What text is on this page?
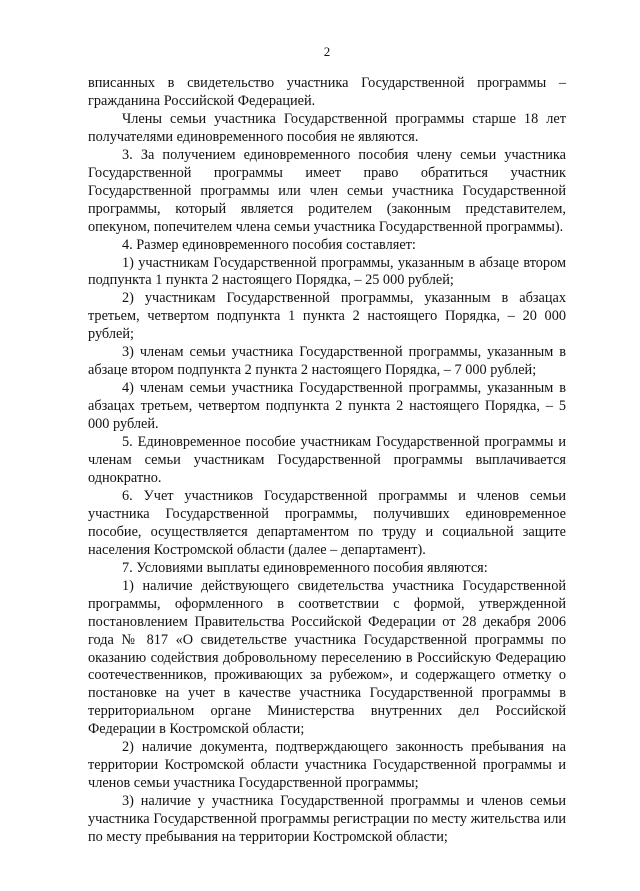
2

вписанных в свидетельство участника Государственной программы – гражданина Российской Федерацией.

Члены семьи участника Государственной программы старше 18 лет получателями единовременного пособия не являются.

3. За получением единовременного пособия члену семьи участника Государственной программы имеет право обратиться участник Государственной программы или член семьи участника Государственной программы, который является родителем (законным представителем, опекуном, попечителем члена семьи участника Государственной программы).

4. Размер единовременного пособия составляет:

1) участникам Государственной программы, указанным в абзаце втором подпункта 1 пункта 2 настоящего Порядка, – 25 000 рублей;

2) участникам Государственной программы, указанным в абзацах третьем, четвертом подпункта 1 пункта 2 настоящего Порядка, – 20 000 рублей;

3) членам семьи участника Государственной программы, указанным в абзаце втором подпункта 2 пункта 2 настоящего Порядка, – 7 000 рублей;

4) членам семьи участника Государственной программы, указанным в абзацах третьем, четвертом подпункта 2 пункта 2 настоящего Порядка, – 5 000 рублей.

5. Единовременное пособие участникам Государственной программы и членам семьи участникам Государственной программы выплачивается однократно.

6. Учет участников Государственной программы и членов семьи участника Государственной программы, получивших единовременное пособие, осуществляется департаментом по труду и социальной защите населения Костромской области (далее – департамент).

7. Условиями выплаты единовременного пособия являются:

1) наличие действующего свидетельства участника Государственной программы, оформленного в соответствии с формой, утвержденной постановлением Правительства Российской Федерации от 28 декабря 2006 года № 817 «О свидетельстве участника Государственной программы по оказанию содействия добровольному переселению в Российскую Федерацию соотечественников, проживающих за рубежом», и содержащего отметку о постановке на учет в качестве участника Государственной программы в территориальном органе Министерства внутренних дел Российской Федерации в Костромской области;

2) наличие документа, подтверждающего законность пребывания на территории Костромской области участника Государственной программы и членов семьи участника Государственной программы;

3) наличие у участника Государственной программы и членов семьи участника Государственной программы регистрации по месту жительства или по месту пребывания на территории Костромской области;
